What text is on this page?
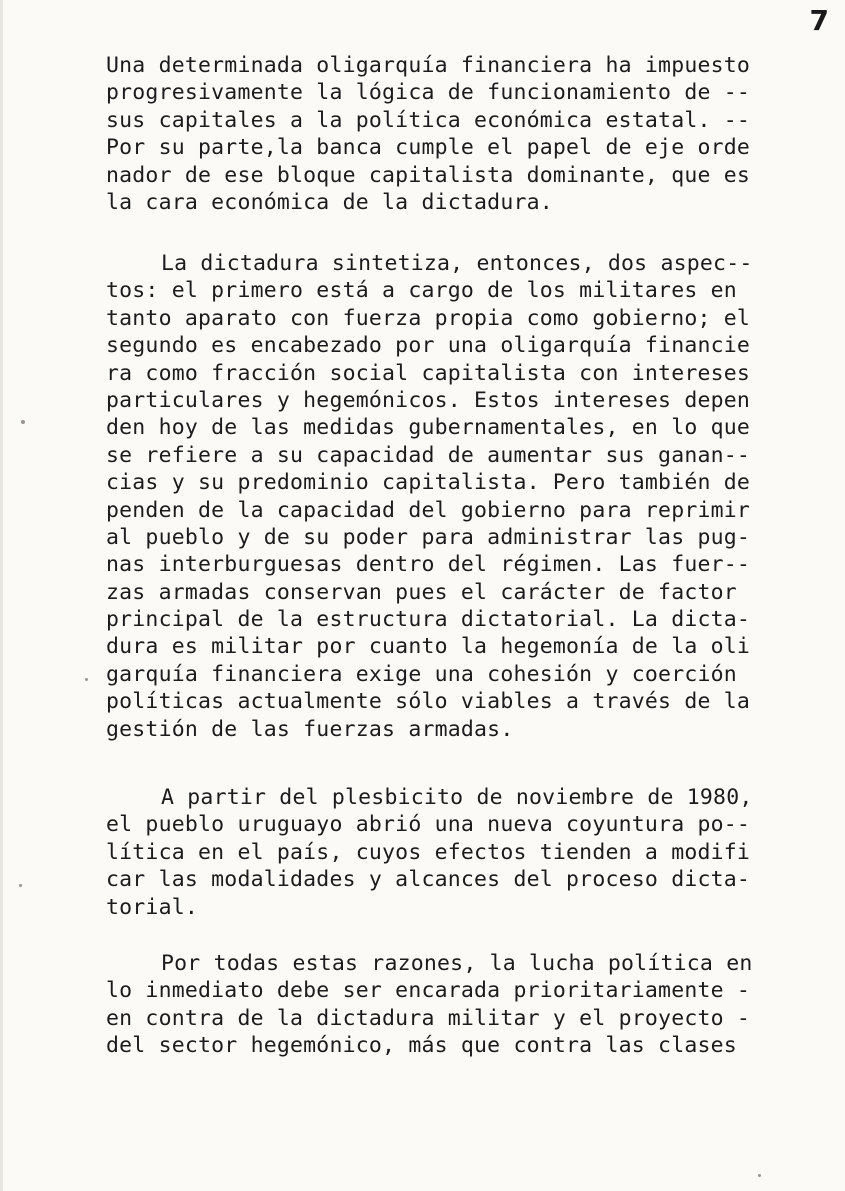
7
Una determinada oligarquía financiera ha impuesto
progresivamente la lógica de funcionamiento de --
sus capitales a la política económica estatal. --
Por su parte,la banca cumple el papel de eje orde
nador de ese bloque capitalista dominante, que es
la cara económica de la dictadura.
La dictadura sintetiza, entonces, dos aspec--
tos: el primero está a cargo de los militares en
tanto aparato con fuerza propia como gobierno; el
segundo es encabezado por una oligarquía financie
ra como fracción social capitalista con intereses
particulares y hegemónicos. Estos intereses depen
den hoy de las medidas gubernamentales, en lo que
se refiere a su capacidad de aumentar sus ganan--
cias y su predominio capitalista. Pero también de
penden de la capacidad del gobierno para reprimir
al pueblo y de su poder para administrar las pug-
nas interburguesas dentro del régimen. Las fuer--
zas armadas conservan pues el carácter de factor
principal de la estructura dictatorial. La dicta-
dura es militar por cuanto la hegemonía de la oli
garquía financiera exige una cohesión y coerción
políticas actualmente sólo viables a través de la
gestión de las fuerzas armadas.
A partir del plesbicito de noviembre de 1980,
el pueblo uruguayo abrió una nueva coyuntura po--
lítica en el país, cuyos efectos tienden a modifi
car las modalidades y alcances del proceso dicta-
torial.
Por todas estas razones, la lucha política en
lo inmediato debe ser encarada prioritariamente -
en contra de la dictadura militar y el proyecto -
del sector hegemónico, más que contra las clases
